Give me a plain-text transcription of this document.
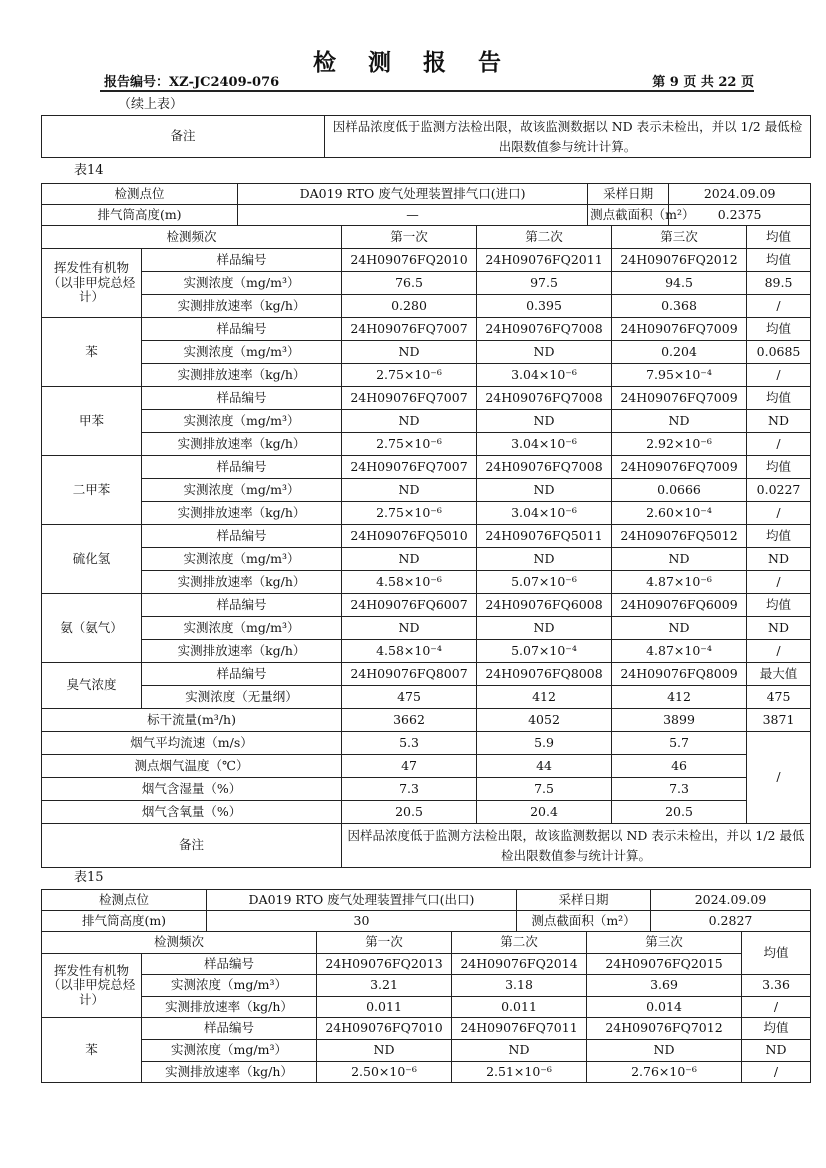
检 测 报 告
报告编号：XZ-JC2409-076	第 9 页 共 22 页
（续上表）
备注	因样品浓度低于监测方法检出限，故该监测数据以 ND 表示未检出，并以 1/2 最低检出限数值参与统计计算。
表14
检测点位	DA019 RTO 废气处理装置排气口(进口)	采样日期	2024.09.09
排气筒高度(m)	—	测点截面积（m²）	0.2375
检测频次		第一次	第二次	第三次	均值
挥发性有机物（以非甲烷总烃计）	样品编号	24H09076FQ2010	24H09076FQ2011	24H09076FQ2012	均值
	实测浓度（mg/m³）	76.5	97.5	94.5	89.5
	实测排放速率（kg/h）	0.280	0.395	0.368	/
苯	样品编号	24H09076FQ7007	24H09076FQ7008	24H09076FQ7009	均值
	实测浓度（mg/m³）	ND	ND	0.204	0.0685
	实测排放速率（kg/h）	2.75×10⁻⁶	3.04×10⁻⁶	7.95×10⁻⁴	/
甲苯	样品编号	24H09076FQ7007	24H09076FQ7008	24H09076FQ7009	均值
	实测浓度（mg/m³）	ND	ND	ND	ND
	实测排放速率（kg/h）	2.75×10⁻⁶	3.04×10⁻⁶	2.92×10⁻⁶	/
二甲苯	样品编号	24H09076FQ7007	24H09076FQ7008	24H09076FQ7009	均值
	实测浓度（mg/m³）	ND	ND	0.0666	0.0227
	实测排放速率（kg/h）	2.75×10⁻⁶	3.04×10⁻⁶	2.60×10⁻⁴	/
硫化氢	样品编号	24H09076FQ5010	24H09076FQ5011	24H09076FQ5012	均值
	实测浓度（mg/m³）	ND	ND	ND	ND
	实测排放速率（kg/h）	4.58×10⁻⁶	5.07×10⁻⁶	4.87×10⁻⁶	/
氨（氨气）	样品编号	24H09076FQ6007	24H09076FQ6008	24H09076FQ6009	均值
	实测浓度（mg/m³）	ND	ND	ND	ND
	实测排放速率（kg/h）	4.58×10⁻⁴	5.07×10⁻⁴	4.87×10⁻⁴	/
臭气浓度	样品编号	24H09076FQ8007	24H09076FQ8008	24H09076FQ8009	最大值
	实测浓度（无量纲）	475	412	412	475
标干流量(m³/h)		3662	4052	3899	3871
烟气平均流速（m/s）		5.3	5.9	5.7	/
测点烟气温度（℃）		47	44	46	
烟气含湿量（%）		7.3	7.5	7.3	
烟气含氧量（%）		20.5	20.4	20.5	
备注		因样品浓度低于监测方法检出限，故该监测数据以 ND 表示未检出，并以 1/2 最低检出限数值参与统计计算。			
表15
检测点位	DA019 RTO 废气处理装置排气口(出口)	采样日期	2024.09.09
排气筒高度(m)	30	测点截面积（m²）	0.2827
检测频次		第一次	第二次	第三次	均值
挥发性有机物（以非甲烷总烃计）	样品编号	24H09076FQ2013	24H09076FQ2014	24H09076FQ2015	
	实测浓度（mg/m³）	3.21	3.18	3.69	3.36
	实测排放速率（kg/h）	0.011	0.011	0.014	/
苯	样品编号	24H09076FQ7010	24H09076FQ7011	24H09076FQ7012	均值
	实测浓度（mg/m³）	ND	ND	ND	ND
	实测排放速率（kg/h）	2.50×10⁻⁶	2.51×10⁻⁶	2.76×10⁻⁶	/
